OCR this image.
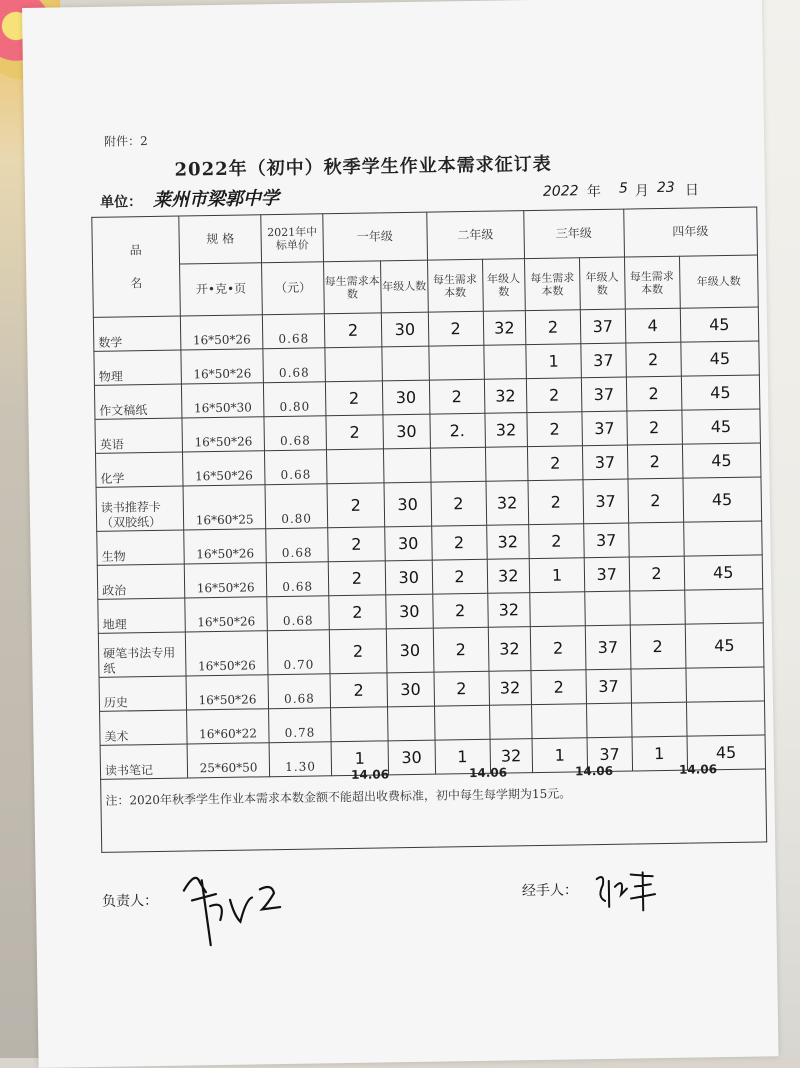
附件：2
2022年（初中）秋季学生作业本需求征订表
单位： 莱州市梁郭中学	2022 年 5 月 23 日
品
名	规 格	2021年中标单价	一年级		二年级		三年级		四年级	
	开•克•页	（元）	每生需求本数	年级人数	每生需求本数	年级人数	每生需求本数	年级人数	每生需求本数	年级人数
数学	16*50*26	0.68	2	30	2	32	2	37	4	45
物理	16*50*26	0.68					1	37	2	45
作文稿纸	16*50*30	0.80	2	30	2	32	2	37	2	45
英语	16*50*26	0.68	2	30	2.	32	2	37	2	45
化学	16*50*26	0.68					2	37	2	45
读书推荐卡（双胶纸）	16*60*25	0.80	2	30	2	32	2	37	2	45
生物	16*50*26	0.68	2	30	2	32	2	37		
政治	16*50*26	0.68	2	30	2	32	1	37	2	45
地理	16*50*26	0.68	2	30	2	32				
硬笔书法专用纸	16*50*26	0.70	2	30	2	32	2	37	2	45
历史	16*50*26	0.68	2	30	2	32	2	37		
美术	16*60*22	0.78								
读书笔记	25*60*50	1.30	1	30	1	32	1	37	1	45

14.06 14.06 14.06 14.06
注：2020年秋季学生作业本需求本数金额不能超出收费标准，初中每生每学期为15元。										
负责人：
经手人：
